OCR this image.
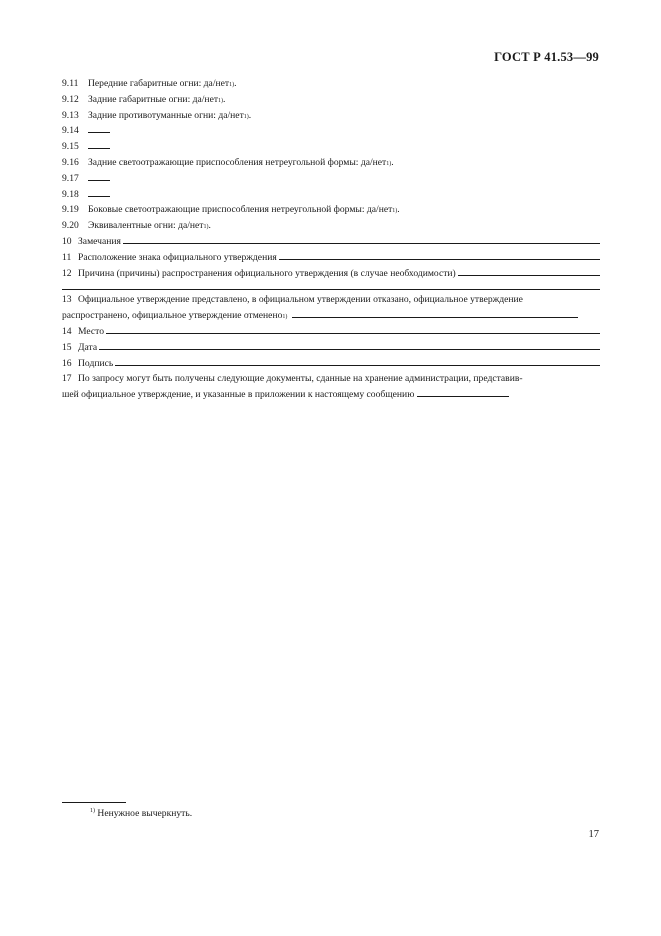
ГОСТ Р 41.53—99
9.11 Передние габаритные огни: да/нет 1) .
9.12 Задние габаритные огни: да/нет 1) .
9.13 Задние противотуманные огни: да/нет 1) .
9.14
9.15
9.16 Задние светоотражающие приспособления нетреугольной формы: да/нет 1) .
9.17
9.18
9.19 Боковые светоотражающие приспособления нетреугольной формы: да/нет 1) .
9.20 Эквивалентные огни: да/нет 1) .
10 Замечания
11 Расположение знака официального утверждения
12 Причина (причины) распространения официального утверждения (в случае необходимости)
13 Официальное утверждение представлено, в официальном утверждении отказано, официальное утверждение
распространено, официальное утверждение отменено 1)
14 Место
15 Дата
16 Подпись
17 По запросу могут быть получены следующие документы, сданные на хранение администрации, представив-
шей официальное утверждение, и указанные в приложении к настоящему сообщению
$^{1)}$ Ненужное вычеркнуть.
17
